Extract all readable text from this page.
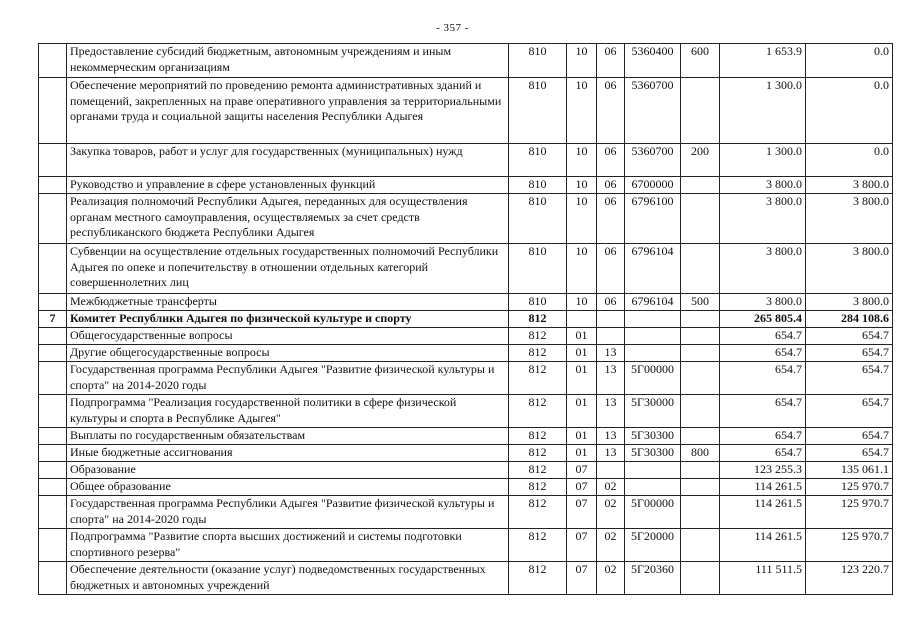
- 357 -
	Предоставление субсидий бюджетным, автономным учреждениям и иным некоммерческим организациям	810	10	06	5360400	600	1 653.9	0.0
	Обеспечение мероприятий по проведению ремонта административных зданий и помещений, закрепленных на праве оперативного управления за территориальными органами труда и социальной защиты населения Республики Адыгея	810	10	06	5360700		1 300.0	0.0
	Закупка товаров, работ и услуг для государственных (муниципальных) нужд	810	10	06	5360700	200	1 300.0	0.0
	Руководство и управление в сфере установленных функций	810	10	06	6700000		3 800.0	3 800.0
	Реализация полномочий Республики Адыгея, переданных для осуществления органам местного самоуправления, осуществляемых за счет средств республиканского бюджета Республики Адыгея	810	10	06	6796100		3 800.0	3 800.0
	Субвенции на осуществление отдельных государственных полномочий Республики Адыгея по опеке и попечительству в отношении отдельных категорий совершеннолетних лиц	810	10	06	6796104		3 800.0	3 800.0
	Межбюджетные трансферты	810	10	06	6796104	500	3 800.0	3 800.0
7	Комитет Республики Адыгея по физической культуре и спорту	812					265 805.4	284 108.6
	Общегосударственные вопросы	812	01				654.7	654.7
	Другие общегосударственные вопросы	812	01	13			654.7	654.7
	Государственная программа Республики Адыгея "Развитие физической культуры и спорта" на 2014-2020 годы	812	01	13	5Г00000		654.7	654.7
	Подпрограмма "Реализация государственной политики в сфере физической культуры и спорта в Республике Адыгея"	812	01	13	5Г30000		654.7	654.7
	Выплаты по государственным обязательствам	812	01	13	5Г30300		654.7	654.7
	Иные бюджетные ассигнования	812	01	13	5Г30300	800	654.7	654.7
	Образование	812	07				123 255.3	135 061.1
	Общее образование	812	07	02			114 261.5	125 970.7
	Государственная программа Республики Адыгея "Развитие физической культуры и спорта" на 2014-2020 годы	812	07	02	5Г00000		114 261.5	125 970.7
	Подпрограмма "Развитие спорта высших достижений и системы подготовки спортивного резерва"	812	07	02	5Г20000		114 261.5	125 970.7
	Обеспечение деятельности (оказание услуг) подведомственных государственных бюджетных и автономных учреждений	812	07	02	5Г20360		111 511.5	123 220.7
